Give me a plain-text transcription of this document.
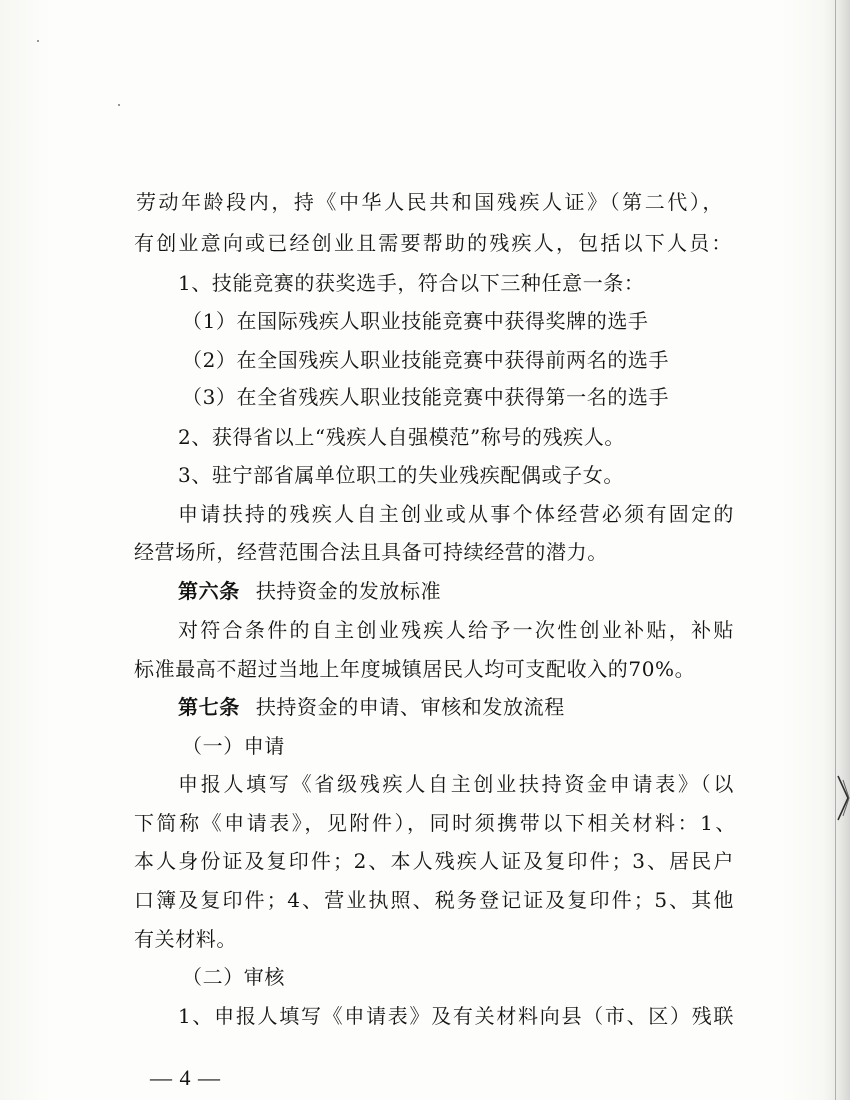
劳动年龄段内，持《中华人民共和国残疾人证》（第二代），
有创业意向或已经创业且需要帮助的残疾人，包括以下人员：
1、技能竞赛的获奖选手，符合以下三种任意一条：
（1）在国际残疾人职业技能竞赛中获得奖牌的选手
（2）在全国残疾人职业技能竞赛中获得前两名的选手
（3）在全省残疾人职业技能竞赛中获得第一名的选手
2、获得省以上“残疾人自强模范”称号的残疾人。
3、驻宁部省属单位职工的失业残疾配偶或子女。
申请扶持的残疾人自主创业或从事个体经营必须有固定的
经营场所，经营范围合法且具备可持续经营的潜力。
第六条 扶持资金的发放标准
对符合条件的自主创业残疾人给予一次性创业补贴，补贴
标准最高不超过当地上年度城镇居民人均可支配收入的70%。
第七条 扶持资金的申请、审核和发放流程
（一）申请
申报人填写《省级残疾人自主创业扶持资金申请表》（以
下简称《申请表》，见附件），同时须携带以下相关材料：1、
本人身份证及复印件；2、本人残疾人证及复印件；3、居民户
口簿及复印件；4、营业执照、税务登记证及复印件；5、其他
有关材料。
（二）审核
1、申报人填写《申请表》及有关材料向县（市、区）残联
— 4 —
